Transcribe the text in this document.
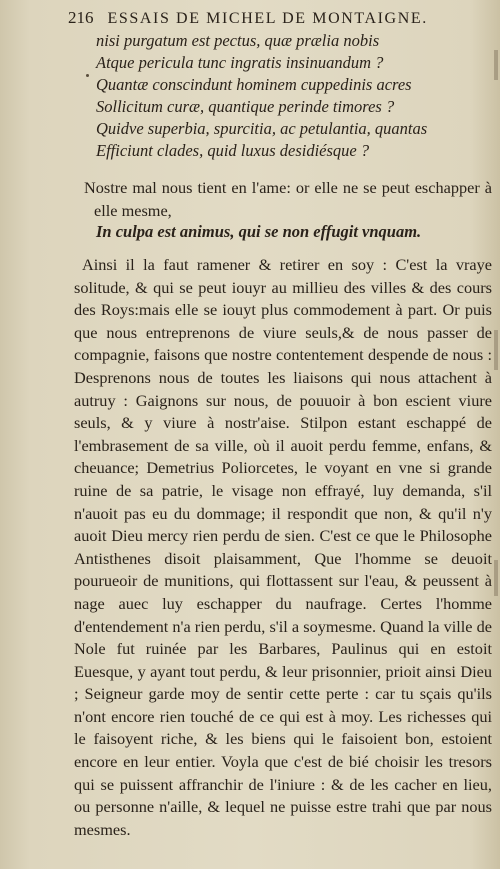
216 ESSAIS DE MICHEL DE MONTAIGNE.
nisi purgatum est pectus, quæ prælia nobis
Atque pericula tunc ingratis insinuandum ?
Quantæ conscindunt hominem cuppedinis acres
Sollicitum curæ, quantique perinde timores ?
Quidve superbia, spurcitia, ac petulantia, quantas
Efficiunt clades, quid luxus desidiésque ?

Nostre mal nous tient en l'ame: or elle ne se peut eschapper à elle mesme,

In culpa est animus, qui se non effugit vnquam.

Ainsi il la faut ramener & retirer en soy : C'est la vraye solitude, & qui se peut iouyr au millieu des villes & des cours des Roys:mais elle se iouyt plus commodement à part. Or puis que nous entreprenons de viure seuls,& de nous passer de compagnie, faisons que nostre contentement despende de nous : Desprenons nous de toutes les liaisons qui nous attachent à autruy : Gaignons sur nous, de pouuoir à bon escient viure seuls, & y viure à nostr'aise. Stilpon estant eschappé de l'embrasement de sa ville, où il auoit perdu femme, enfans, & cheuance; Demetrius Poliorcetes, le voyant en vne si grande ruine de sa patrie, le visage non effrayé, luy demanda, s'il n'auoit pas eu du dommage; il respondit que non, & qu'il n'y auoit Dieu mercy rien perdu de sien. C'est ce que le Philosophe Antisthenes disoit plaisamment, Que l'homme se deuoit pourueoir de munitions, qui flottassent sur l'eau, & peussent à nage auec luy eschapper du naufrage. Certes l'homme d'entendement n'a rien perdu, s'il a soymesme. Quand la ville de Nole fut ruinée par les Barbares, Paulinus qui en estoit Euesque, y ayant tout perdu, & leur prisonnier, prioit ainsi Dieu ; Seigneur garde moy de sentir cette perte : car tu sçais qu'ils n'ont encore rien touché de ce qui est à moy. Les richesses qui le faisoyent riche, & les biens qui le faisoient bon, estoient encore en leur entier. Voyla que c'est de bié choisir les tresors qui se puissent affranchir de l'iniure : & de les cacher en lieu, ou personne n'aille, & lequel ne puisse estre trahi que par nous mesmes.
